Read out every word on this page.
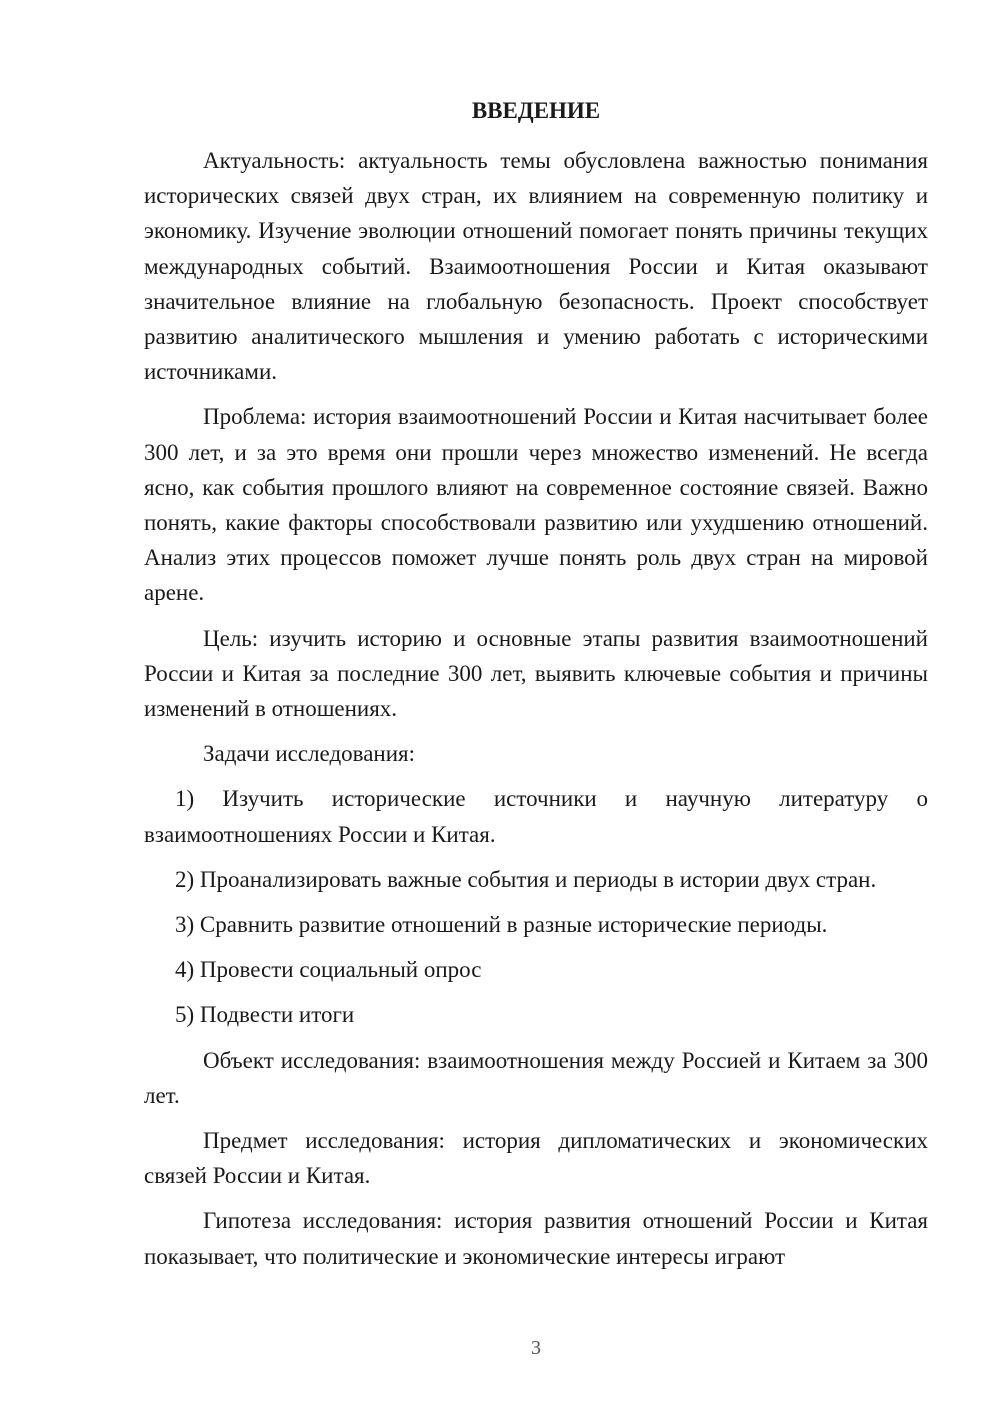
ВВЕДЕНИЕ

Актуальность: актуальность темы обусловлена важностью понимания исторических связей двух стран, их влиянием на современную политику и экономику. Изучение эволюции отношений помогает понять причины текущих международных событий. Взаимоотношения России и Китая оказывают значительное влияние на глобальную безопасность. Проект способствует развитию аналитического мышления и умению работать с историческими источниками.

Проблема: история взаимоотношений России и Китая насчитывает более 300 лет, и за это время они прошли через множество изменений. Не всегда ясно, как события прошлого влияют на современное состояние связей. Важно понять, какие факторы способствовали развитию или ухудшению отношений. Анализ этих процессов поможет лучше понять роль двух стран на мировой арене.

Цель: изучить историю и основные этапы развития взаимоотношений России и Китая за последние 300 лет, выявить ключевые события и причины изменений в отношениях.

Задачи исследования:

1) Изучить исторические источники и научную литературу о взаимоотношениях России и Китая.

2) Проанализировать важные события и периоды в истории двух стран.

3) Сравнить развитие отношений в разные исторические периоды.

4) Провести социальный опрос

5) Подвести итоги

Объект исследования: взаимоотношения между Россией и Китаем за 300 лет.

Предмет исследования: история дипломатических и экономических связей России и Китая.

Гипотеза исследования: история развития отношений России и Китая показывает, что политические и экономические интересы играют

3
